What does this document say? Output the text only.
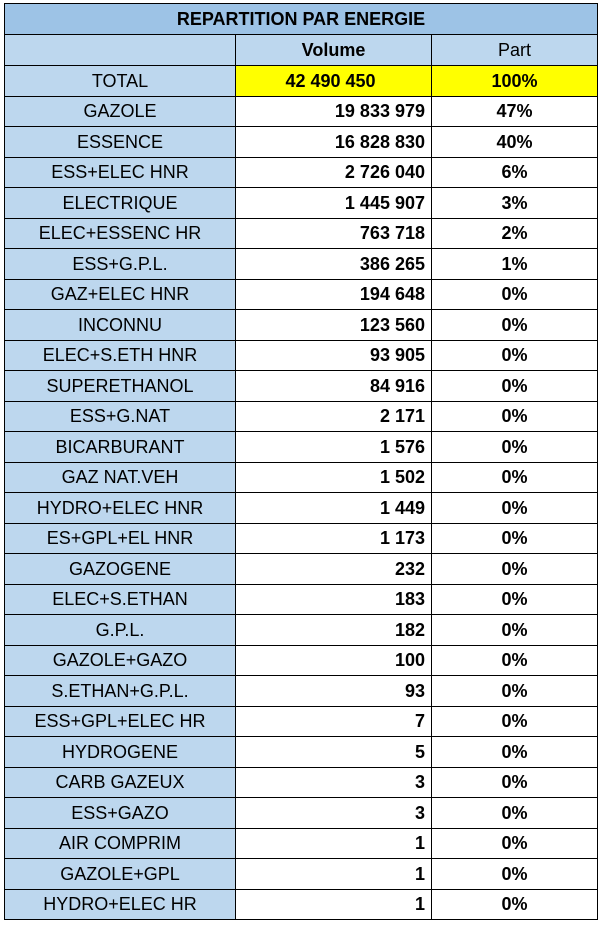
REPARTITION PAR ENERGIE		
	Volume	Part
TOTAL	42 490 450	100%
GAZOLE	19 833 979	47%
ESSENCE	16 828 830	40%
ESS+ELEC HNR	2 726 040	6%
ELECTRIQUE	1 445 907	3%
ELEC+ESSENC HR	763 718	2%
ESS+G.P.L.	386 265	1%
GAZ+ELEC HNR	194 648	0%
INCONNU	123 560	0%
ELEC+S.ETH HNR	93 905	0%
SUPERETHANOL	84 916	0%
ESS+G.NAT	2 171	0%
BICARBURANT	1 576	0%
GAZ NAT.VEH	1 502	0%
HYDRO+ELEC HNR	1 449	0%
ES+GPL+EL HNR	1 173	0%
GAZOGENE	232	0%
ELEC+S.ETHAN	183	0%
G.P.L.	182	0%
GAZOLE+GAZO	100	0%
S.ETHAN+G.P.L.	93	0%
ESS+GPL+ELEC HR	7	0%
HYDROGENE	5	0%
CARB GAZEUX	3	0%
ESS+GAZO	3	0%
AIR COMPRIM	1	0%
GAZOLE+GPL	1	0%
HYDRO+ELEC HR	1	0%
